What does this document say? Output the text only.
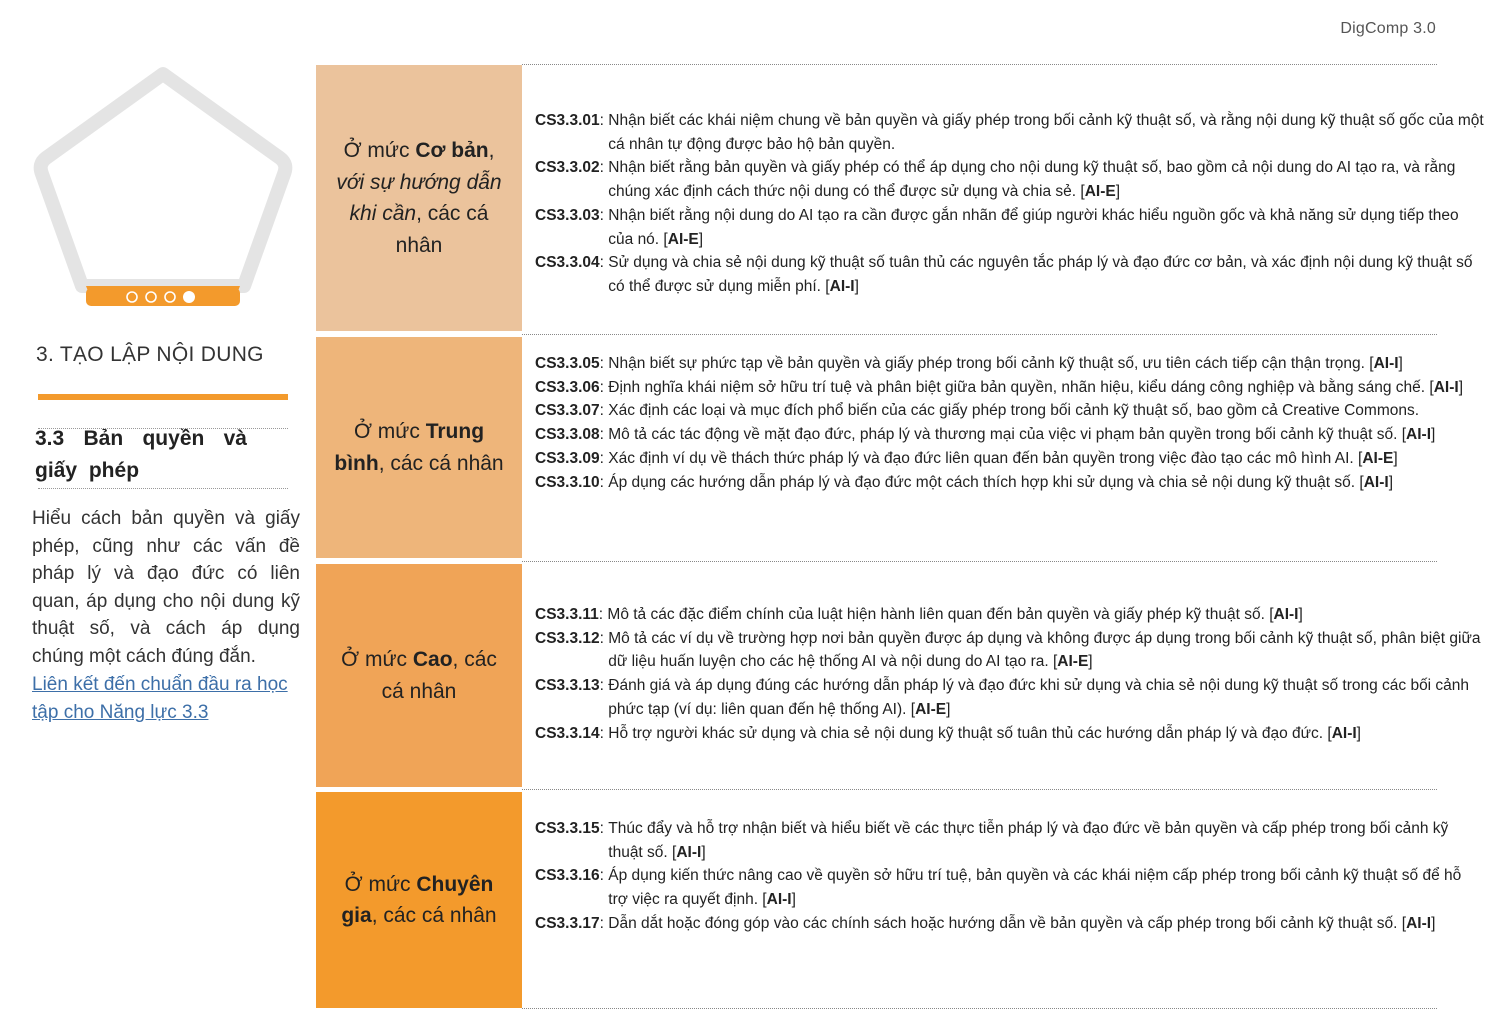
DigComp 3.0
3. TẠO LẬP NỘI DUNG
3.3 Bản quyền và giấy phép
Hiểu cách bản quyền và giấy phép, cũng như các vấn đề pháp lý và đạo đức có liên quan, áp dụng cho nội dung kỹ thuật số, và cách áp dụng chúng một cách đúng đắn.
Liên kết đến chuẩn đầu ra học tập cho Năng lực 3.3
Ở mức Cơ bản, với sự hướng dẫn khi cần, các cá nhân
Ở mức Trung bình, các cá nhân
Ở mức Cao, các cá nhân
Ở mức Chuyên gia, các cá nhân
CS3.3.01 : Nhận biết các khái niệm chung về bản quyền và giấy phép trong bối cảnh kỹ thuật số, và rằng nội dung kỹ thuật số gốc của một cá nhân tự động được bảo hộ bản quyền.
CS3.3.02 : Nhận biết rằng bản quyền và giấy phép có thể áp dụng cho nội dung kỹ thuật số, bao gồm cả nội dung do AI tạo ra, và rằng chúng xác định cách thức nội dung có thể được sử dụng và chia sẻ. [AI-E]
CS3.3.03 : Nhận biết rằng nội dung do AI tạo ra cần được gắn nhãn để giúp người khác hiểu nguồn gốc và khả năng sử dụng tiếp theo của nó. [AI-E]
CS3.3.04 : Sử dụng và chia sẻ nội dung kỹ thuật số tuân thủ các nguyên tắc pháp lý và đạo đức cơ bản, và xác định nội dung kỹ thuật số có thể được sử dụng miễn phí. [AI-I]
CS3.3.05 : Nhận biết sự phức tạp về bản quyền và giấy phép trong bối cảnh kỹ thuật số, ưu tiên cách tiếp cận thận trọng. [AI-I]
CS3.3.06 : Định nghĩa khái niệm sở hữu trí tuệ và phân biệt giữa bản quyền, nhãn hiệu, kiểu dáng công nghiệp và bằng sáng chế. [AI-I]
CS3.3.07 : Xác định các loại và mục đích phổ biến của các giấy phép trong bối cảnh kỹ thuật số, bao gồm cả Creative Commons.
CS3.3.08 : Mô tả các tác động về mặt đạo đức, pháp lý và thương mại của việc vi phạm bản quyền trong bối cảnh kỹ thuật số. [AI-I]
CS3.3.09 : Xác định ví dụ về thách thức pháp lý và đạo đức liên quan đến bản quyền trong việc đào tạo các mô hình AI. [AI-E]
CS3.3.10 : Áp dụng các hướng dẫn pháp lý và đạo đức một cách thích hợp khi sử dụng và chia sẻ nội dung kỹ thuật số. [AI-I]
CS3.3.11 : Mô tả các đặc điểm chính của luật hiện hành liên quan đến bản quyền và giấy phép kỹ thuật số. [AI-I]
CS3.3.12 : Mô tả các ví dụ về trường hợp nơi bản quyền được áp dụng và không được áp dụng trong bối cảnh kỹ thuật số, phân biệt giữa dữ liệu huấn luyện cho các hệ thống AI và nội dung do AI tạo ra. [AI-E]
CS3.3.13 : Đánh giá và áp dụng đúng các hướng dẫn pháp lý và đạo đức khi sử dụng và chia sẻ nội dung kỹ thuật số trong các bối cảnh phức tạp (ví dụ: liên quan đến hệ thống AI). [AI-E]
CS3.3.14 : Hỗ trợ người khác sử dụng và chia sẻ nội dung kỹ thuật số tuân thủ các hướng dẫn pháp lý và đạo đức. [AI-I]
CS3.3.15 : Thúc đẩy và hỗ trợ nhận biết và hiểu biết về các thực tiễn pháp lý và đạo đức về bản quyền và cấp phép trong bối cảnh kỹ thuật số. [AI-I]
CS3.3.16 : Áp dụng kiến thức nâng cao về quyền sở hữu trí tuệ, bản quyền và các khái niệm cấp phép trong bối cảnh kỹ thuật số để hỗ trợ việc ra quyết định. [AI-I]
CS3.3.17 : Dẫn dắt hoặc đóng góp vào các chính sách hoặc hướng dẫn về bản quyền và cấp phép trong bối cảnh kỹ thuật số. [AI-I]
